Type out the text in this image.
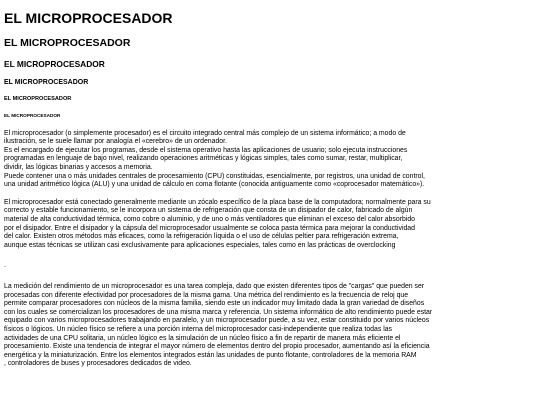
EL MICROPROCESADOR
EL MICROPROCESADOR
EL MICROPROCESADOR
EL MICROPROCESADOR
EL MICROPROCESADOR
EL MICROPROCESADOR
El microprocesador (o simplemente procesador) es el circuito integrado central más complejo de un sistema informático; a modo de
ilustración, se le suele llamar por analogía el «cerebro» de un ordenador.
Es el encargado de ejecutar los programas, desde el sistema operativo hasta las aplicaciones de usuario; solo ejecuta instrucciones
programadas en lenguaje de bajo nivel, realizando operaciones aritméticas y lógicas simples, tales como sumar, restar, multiplicar,
dividir, las lógicas binarias y accesos a memoria.
Puede contener una o más unidades centrales de procesamiento (CPU) constituidas, esencialmente, por registros, una unidad de control,
una unidad aritmético lógica (ALU) y una unidad de cálculo en coma flotante (conocida antiguamente como «coprocesador matemático»).
El microprocesador está conectado generalmente mediante un zócalo específico de la placa base de la computadora; normalmente para su
correcto y estable funcionamiento, se le incorpora un sistema de refrigeración que consta de un disipador de calor, fabricado de algún
material de alta conductividad térmica, como cobre o aluminio, y de uno o más ventiladores que eliminan el exceso del calor absorbido
por el disipador. Entre el disipador y la cápsula del microprocesador usualmente se coloca pasta térmica para mejorar la conductividad
del calor. Existen otros métodos más eficaces, como la refrigeración líquida o el uso de células peltier para refrigeración extrema,
aunque estas técnicas se utilizan casi exclusivamente para aplicaciones especiales, tales como en las prácticas de overclocking
.
La medición del rendimiento de un microprocesador es una tarea compleja, dado que existen diferentes tipos de "cargas" que pueden ser
procesadas con diferente efectividad por procesadores de la misma gama. Una métrica del rendimiento es la frecuencia de reloj que
permite comparar procesadores con núcleos de la misma familia, siendo este un indicador muy limitado dada la gran variedad de diseños
con los cuales se comercializan los procesadores de una misma marca y referencia. Un sistema informático de alto rendimiento puede estar
equipado con varios microprocesadores trabajando en paralelo, y un microprocesador puede, a su vez, estar constituido por varios núcleos
físicos o lógicos. Un núcleo físico se refiere a una porción interna del microprocesador casi-independiente que realiza todas las
actividades de una CPU solitaria, un núcleo lógico es la simulación de un núcleo físico a fin de repartir de manera más eficiente el
procesamiento. Existe una tendencia de integrar el mayor número de elementos dentro del propio procesador, aumentando así la eficiencia
energética y la miniaturización. Entre los elementos integrados están las unidades de punto flotante, controladores de la memoria RAM
, controladores de buses y procesadores dedicados de video.
